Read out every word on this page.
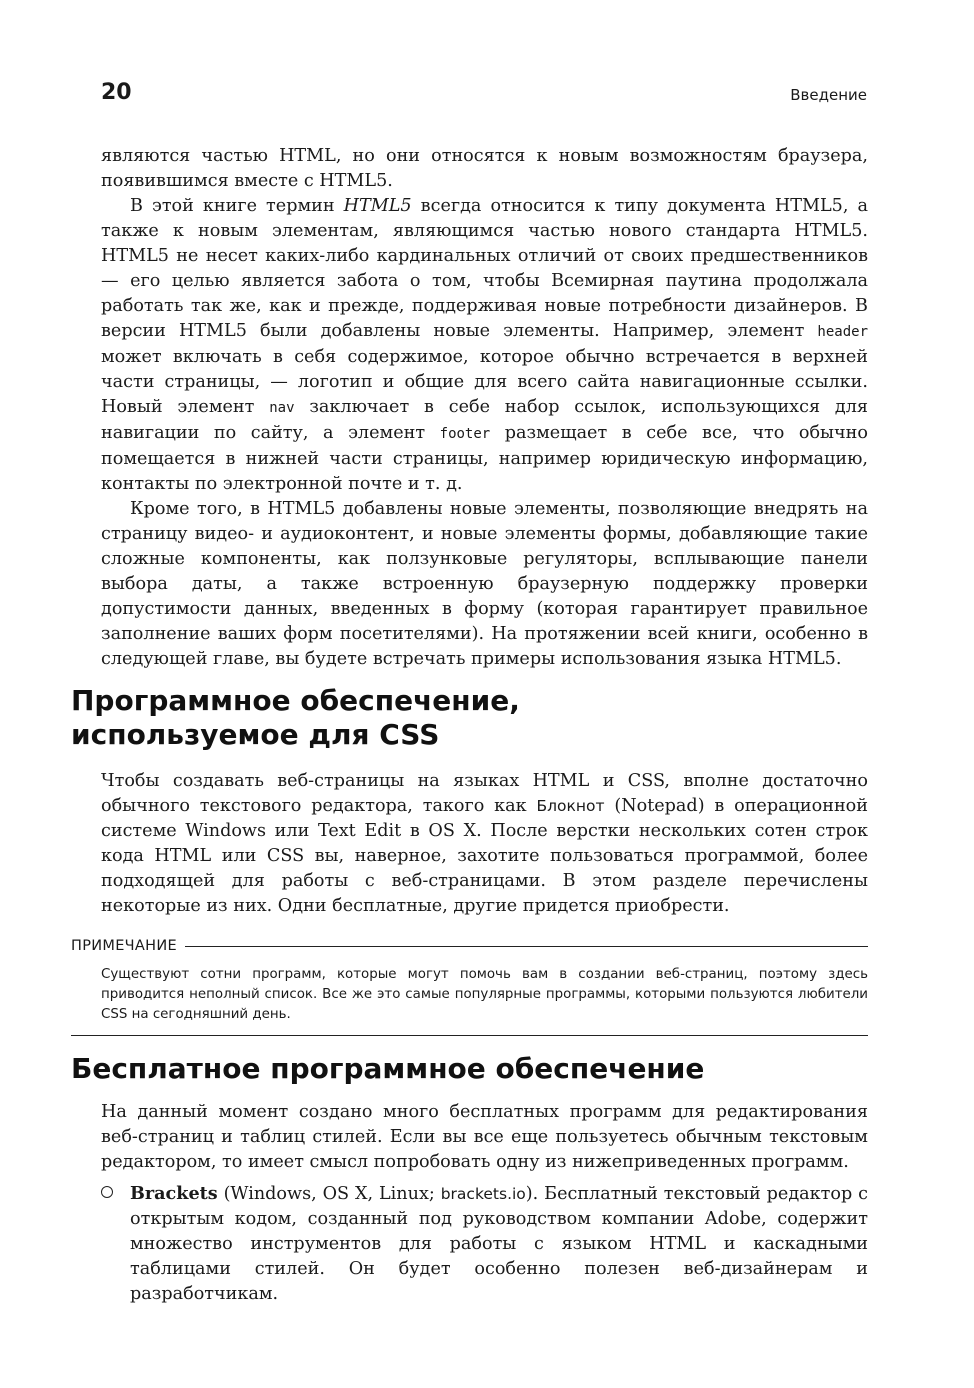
20	Введение

являются частью HTML, но они относятся к новым возможностям браузера, появившимся вместе с HTML5.

В этой книге термин HTML5 всегда относится к типу документа HTML5, а также к новым элементам, являющимся частью нового стандарта HTML5. HTML5 не несет каких-либо кардинальных отличий от своих предшественников — его целью является забота о том, чтобы Всемирная паутина продолжала работать так же, как и прежде, поддерживая новые потребности дизайнеров. В версии HTML5 были добавлены новые элементы. Например, элемент header может включать в себя содержимое, которое обычно встречается в верхней части страницы, — логотип и общие для всего сайта навигационные ссылки. Новый элемент nav заключает в себе набор ссылок, использующихся для навигации по сайту, а элемент footer размещает в себе все, что обычно помещается в нижней части страницы, например юридическую информацию, контакты по электронной почте и т. д.

Кроме того, в HTML5 добавлены новые элементы, позволяющие внедрять на страницу видео- и аудиоконтент, и новые элементы формы, добавляющие такие сложные компоненты, как ползунковые регуляторы, всплывающие панели выбора даты, а также встроенную браузерную поддержку проверки допустимости данных, введенных в форму (которая гарантирует правильное заполнение ваших форм посетителями). На протяжении всей книги, особенно в следующей главе, вы будете встречать примеры использования языка HTML5.

Программное обеспечение,
используемое для CSS

Чтобы создавать веб-страницы на языках HTML и CSS, вполне достаточно обычного текстового редактора, такого как Блокнот (Notepad) в операционной системе Windows или Text Edit в OS X. После верстки нескольких сотен строк кода HTML или CSS вы, наверное, захотите пользоваться программой, более подходящей для работы с веб-страницами. В этом разделе перечислены некоторые из них. Одни бесплатные, другие придется приобрести.

ПРИМЕЧАНИЕ

Существуют сотни программ, которые могут помочь вам в создании веб-страниц, поэтому здесь приводится неполный список. Все же это самые популярные программы, которыми пользуются любители CSS на сегодняшний день.

Бесплатное программное обеспечение

На данный момент создано много бесплатных программ для редактирования веб-страниц и таблиц стилей. Если вы все еще пользуетесь обычным текстовым редактором, то имеет смысл попробовать одну из нижеприведенных программ.

Brackets (Windows, OS X, Linux; brackets.io). Бесплатный текстовый редактор с открытым кодом, созданный под руководством компании Adobe, содержит множество инструментов для работы с языком HTML и каскадными таблицами стилей. Он будет особенно полезен веб-дизайнерам и разработчикам.
